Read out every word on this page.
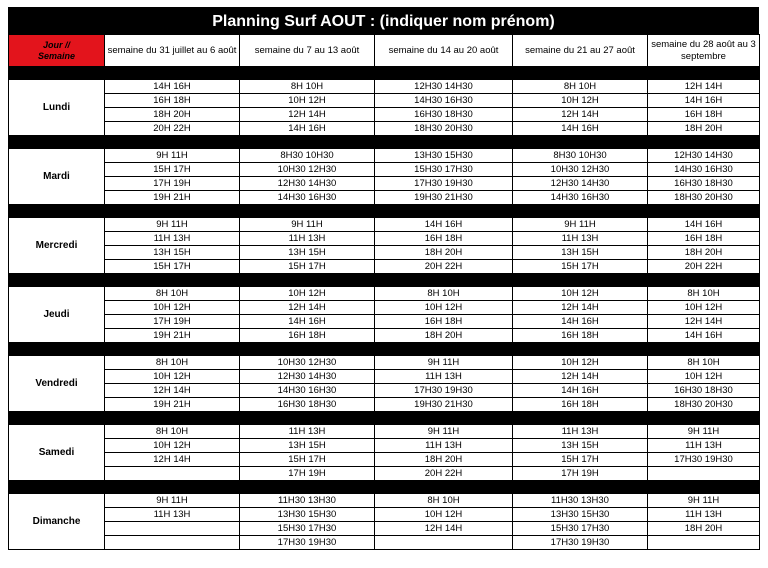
Planning Surf AOUT : (indiquer nom prénom)
Jour //
Semaine	semaine du 31 juillet au 6 août	semaine du 7 au 13 août	semaine du 14 au 20 août	semaine du 21 au 27 août	semaine du 28 août au 3 septembre

Lundi	14H 16H	8H 10H	12H30 14H30	8H 10H	12H 14H
	16H 18H	10H 12H	14H30 16H30	10H 12H	14H 16H
	18H 20H	12H 14H	16H30 18H30	12H 14H	16H 18H
	20H 22H	14H 16H	18H30 20H30	14H 16H	18H 20H

Mardi	9H 11H	8H30 10H30	13H30 15H30	8H30 10H30	12H30 14H30
	15H 17H	10H30 12H30	15H30 17H30	10H30 12H30	14H30 16H30
	17H 19H	12H30 14H30	17H30 19H30	12H30 14H30	16H30 18H30
	19H 21H	14H30 16H30	19H30 21H30	14H30 16H30	18H30 20H30

Mercredi	9H 11H	9H 11H	14H 16H	9H 11H	14H 16H
	11H 13H	11H 13H	16H 18H	11H 13H	16H 18H
	13H 15H	13H 15H	18H 20H	13H 15H	18H 20H
	15H 17H	15H 17H	20H 22H	15H 17H	20H 22H

Jeudi	8H 10H	10H 12H	8H 10H	10H 12H	8H 10H
	10H 12H	12H 14H	10H 12H	12H 14H	10H 12H
	17H 19H	14H 16H	16H 18H	14H 16H	12H 14H
	19H 21H	16H 18H	18H 20H	16H 18H	14H 16H

Vendredi	8H 10H	10H30 12H30	9H 11H	10H 12H	8H 10H
	10H 12H	12H30 14H30	11H 13H	12H 14H	10H 12H
	12H 14H	14H30 16H30	17H30 19H30	14H 16H	16H30 18H30
	19H 21H	16H30 18H30	19H30 21H30	16H 18H	18H30 20H30

Samedi	8H 10H	11H 13H	9H 11H	11H 13H	9H 11H
	10H 12H	13H 15H	11H 13H	13H 15H	11H 13H
	12H 14H	15H 17H	18H 20H	15H 17H	17H30 19H30
		17H 19H	20H 22H	17H 19H	

Dimanche	9H 11H	11H30 13H30	8H 10H	11H30 13H30	9H 11H
	11H 13H	13H30 15H30	10H 12H	13H30 15H30	11H 13H
		15H30 17H30	12H 14H	15H30 17H30	18H 20H
		17H30 19H30		17H30 19H30	
